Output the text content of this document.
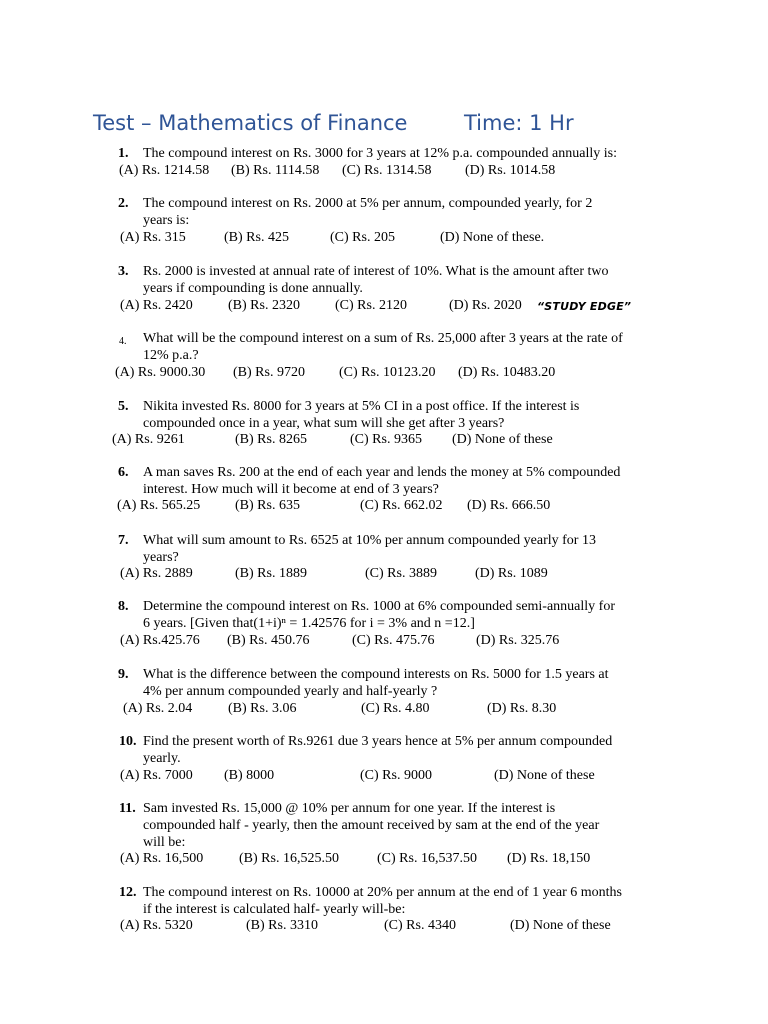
Test – Mathematics of Finance	Time: 1 Hr
1. The compound interest on Rs. 3000 for 3 years at 12% p.a. compounded annually is:
(A) Rs. 1214.58 (B) Rs. 1114.58 (C) Rs. 1314.58 (D) Rs. 1014.58
2. The compound interest on Rs. 2000 at 5% per annum, compounded yearly, for 2
years is:
(A) Rs. 315	(B) Rs. 425	(C) Rs. 205	(D) None of these.
3. Rs. 2000 is invested at annual rate of interest of 10%. What is the amount after two
years if compounding is done annually.
(A) Rs. 2420	(B) Rs. 2320	(C) Rs. 2120	(D) Rs. 2020 “STUDY EDGE”
4. What will be the compound interest on a sum of Rs. 25,000 after 3 years at the rate of
12% p.a.?
(A) Rs. 9000.30 (B) Rs. 9720 (C) Rs. 10123.20 (D) Rs. 10483.20
5. Nikita invested Rs. 8000 for 3 years at 5% CI in a post office. If the interest is
compounded once in a year, what sum will she get after 3 years?
(A) Rs. 9261	(B) Rs. 8265	(C) Rs. 9365 (D) None of these
6. A man saves Rs. 200 at the end of each year and lends the money at 5% compounded
interest. How much will it become at end of 3 years?
(A) Rs. 565.25 (B) Rs. 635	(C) Rs. 662.02 (D) Rs. 666.50
7. What will sum amount to Rs. 6525 at 10% per annum compounded yearly for 13
years?
(A) Rs. 2889	(B) Rs. 1889	(C) Rs. 3889	(D) Rs. 1089
8. Determine the compound interest on Rs. 1000 at 6% compounded semi-annually for
6 years. [Given that(1+i)ⁿ = 1.42576 for i = 3% and n =12.]
(A) Rs.425.76 (B) Rs. 450.76	(C) Rs. 475.76	(D) Rs. 325.76
9. What is the difference between the compound interests on Rs. 5000 for 1.5 years at
4% per annum compounded yearly and half-yearly ?
(A) Rs. 2.04	(B) Rs. 3.06	(C) Rs. 4.80	(D) Rs. 8.30
10. Find the present worth of Rs.9261 due 3 years hence at 5% per annum compounded
yearly.
(A) Rs. 7000 (B) 8000	(C) Rs. 9000	(D) None of these
11. Sam invested Rs. 15,000 @ 10% per annum for one year. If the interest is
compounded half - yearly, then the amount received by sam at the end of the year
will be:
(A) Rs. 16,500	(B) Rs. 16,525.50	(C) Rs. 16,537.50 (D) Rs. 18,150
12. The compound interest on Rs. 10000 at 20% per annum at the end of 1 year 6 months
if the interest is calculated half- yearly will-be:
(A) Rs. 5320	(B) Rs. 3310	(C) Rs. 4340	(D) None of these
